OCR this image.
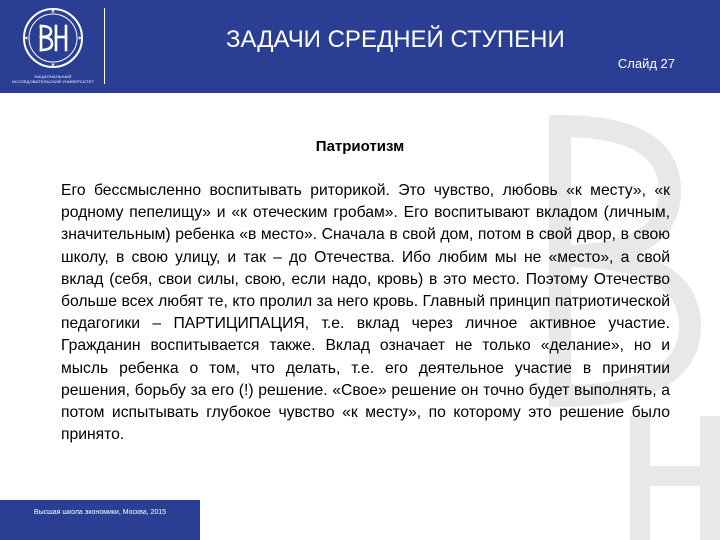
НАЦИОНАЛЬНЫЙ ИССЛЕДОВАТЕЛЬСКИЙ УНИВЕРСИТЕТ
ЗАДАЧИ СРЕДНЕЙ СТУПЕНИ
Слайд 27
Патриотизм

Его бессмысленно воспитывать риторикой. Это чувство, любовь «к месту», «к родному пепелищу» и «к отеческим гробам». Его воспитывают вкладом (личным, значительным) ребенка «в место». Сначала в свой дом, потом в свой двор, в свою школу, в свою улицу, и так – до Отечества. Ибо любим мы не «место», а свой вклад (себя, свои силы, свою, если надо, кровь) в это место. Поэтому Отечество больше всех любят те, кто пролил за него кровь. Главный принцип патриотической педагогики – ПАРТИЦИПАЦИЯ, т.е. вклад через личное активное участие. Гражданин воспитывается также. Вклад означает не только «делание», но и мысль ребенка о том, что делать, т.е. его деятельное участие в принятии решения, борьбу за его (!) решение. «Свое» решение он точно будет выполнять, а потом испытывать глубокое чувство «к месту», по которому это решение было принято.

Высшая школа экономики, Москва, 2015
